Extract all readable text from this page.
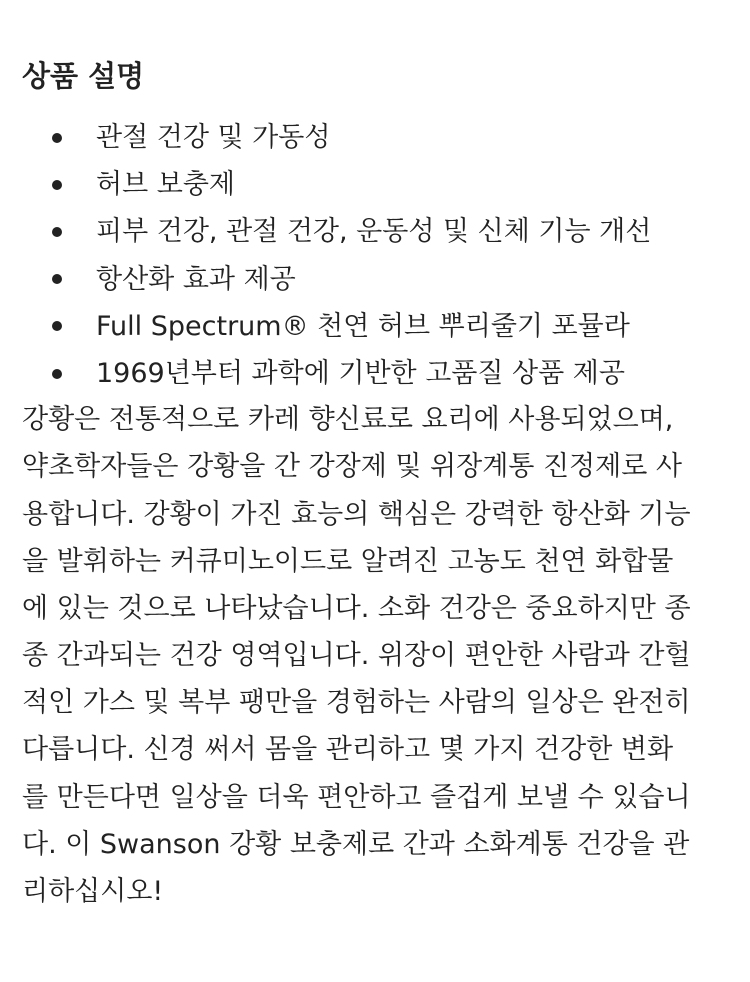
상품 설명
관절 건강 및 가동성
허브 보충제
피부 건강, 관절 건강, 운동성 및 신체 기능 개선
항산화 효과 제공
Full Spectrum® 천연 허브 뿌리줄기 포뮬라
1969년부터 과학에 기반한 고품질 상품 제공

강황은 전통적으로 카레 향신료로 요리에 사용되었으며,
약초학자들은 강황을 간 강장제 및 위장계통 진정제로 사
용합니다. 강황이 가진 효능의 핵심은 강력한 항산화 기능
을 발휘하는 커큐미노이드로 알려진 고농도 천연 화합물
에 있는 것으로 나타났습니다. 소화 건강은 중요하지만 종
종 간과되는 건강 영역입니다. 위장이 편안한 사람과 간헐
적인 가스 및 복부 팽만을 경험하는 사람의 일상은 완전히
다릅니다. 신경 써서 몸을 관리하고 몇 가지 건강한 변화
를 만든다면 일상을 더욱 편안하고 즐겁게 보낼 수 있습니
다. 이 Swanson 강황 보충제로 간과 소화계통 건강을 관
리하십시오!
